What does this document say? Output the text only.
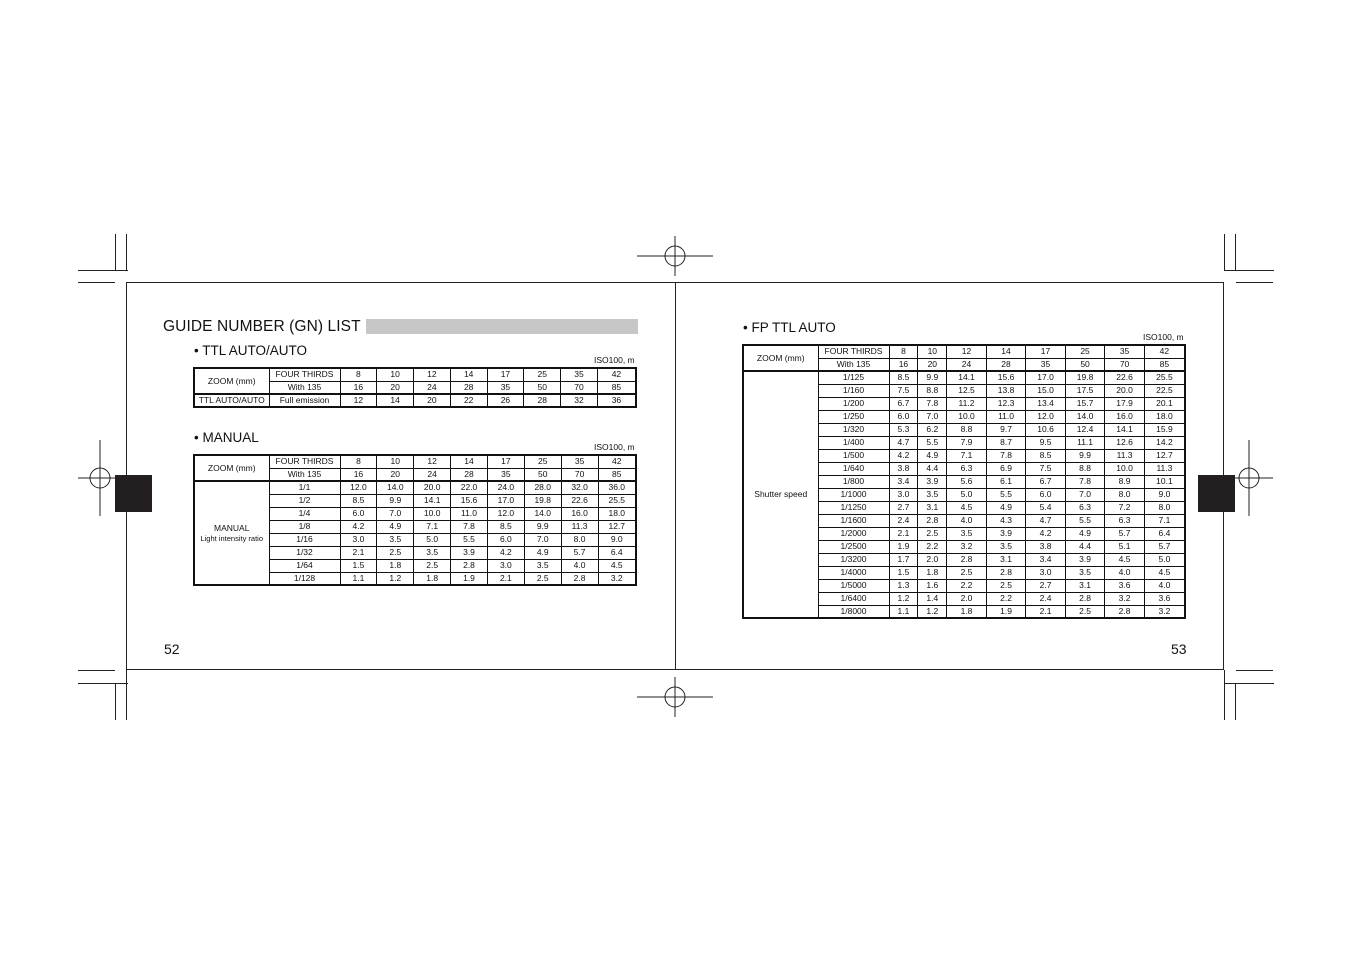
GUIDE NUMBER (GN) LIST
• TTL AUTO/AUTO
ISO100, m
ZOOM (mm)	FOUR THIRDS	8	10	12	14	17	25	35	42
	With 135	16	20	24	28	35	50	70	85
TTL AUTO/AUTO	Full emission	12	14	20	22	26	28	32	36
• MANUAL
ISO100, m
ZOOM (mm)	FOUR THIRDS	8	10	12	14	17	25	35	42
	With 135	16	20	24	28	35	50	70	85

MANUAL
Light intensity ratio	1/1	12.0	14.0	20.0	22.0	24.0	28.0	32.0	36.0
	1/2	8.5	9.9	14.1	15.6	17.0	19.8	22.6	25.5
	1/4	6.0	7.0	10.0	11.0	12.0	14.0	16.0	18.0
	1/8	4.2	4.9	7.1	7.8	8.5	9.9	11.3	12.7
	1/16	3.0	3.5	5.0	5.5	6.0	7.0	8.0	9.0
	1/32	2.1	2.5	3.5	3.9	4.2	4.9	5.7	6.4
	1/64	1.5	1.8	2.5	2.8	3.0	3.5	4.0	4.5
	1/128	1.1	1.2	1.8	1.9	2.1	2.5	2.8	3.2
52
• FP TTL AUTO
ISO100, m
ZOOM (mm)	FOUR THIRDS	8	10	12	14	17	25	35	42
	With 135	16	20	24	28	35	50	70	85

Shutter speed	1/125	8.5	9.9	14.1	15.6	17.0	19.8	22.6	25.5
	1/160	7.5	8.8	12.5	13.8	15.0	17.5	20.0	22.5
	1/200	6.7	7.8	11.2	12.3	13.4	15.7	17.9	20.1
	1/250	6.0	7.0	10.0	11.0	12.0	14.0	16.0	18.0
	1/320	5.3	6.2	8.8	9.7	10.6	12.4	14.1	15.9
	1/400	4.7	5.5	7.9	8.7	9.5	11.1	12.6	14.2
	1/500	4.2	4.9	7.1	7.8	8.5	9.9	11.3	12.7
	1/640	3.8	4.4	6.3	6.9	7.5	8.8	10.0	11.3
	1/800	3.4	3.9	5.6	6.1	6.7	7.8	8.9	10.1
	1/1000	3.0	3.5	5.0	5.5	6.0	7.0	8.0	9.0
	1/1250	2.7	3.1	4.5	4.9	5.4	6.3	7.2	8.0
	1/1600	2.4	2.8	4.0	4.3	4.7	5.5	6.3	7.1
	1/2000	2.1	2.5	3.5	3.9	4.2	4.9	5.7	6.4
	1/2500	1.9	2.2	3.2	3.5	3.8	4.4	5.1	5.7
	1/3200	1.7	2.0	2.8	3.1	3.4	3.9	4.5	5.0
	1/4000	1.5	1.8	2.5	2.8	3.0	3.5	4.0	4.5
	1/5000	1.3	1.6	2.2	2.5	2.7	3.1	3.6	4.0
	1/6400	1.2	1.4	2.0	2.2	2.4	2.8	3.2	3.6
	1/8000	1.1	1.2	1.8	1.9	2.1	2.5	2.8	3.2
53
